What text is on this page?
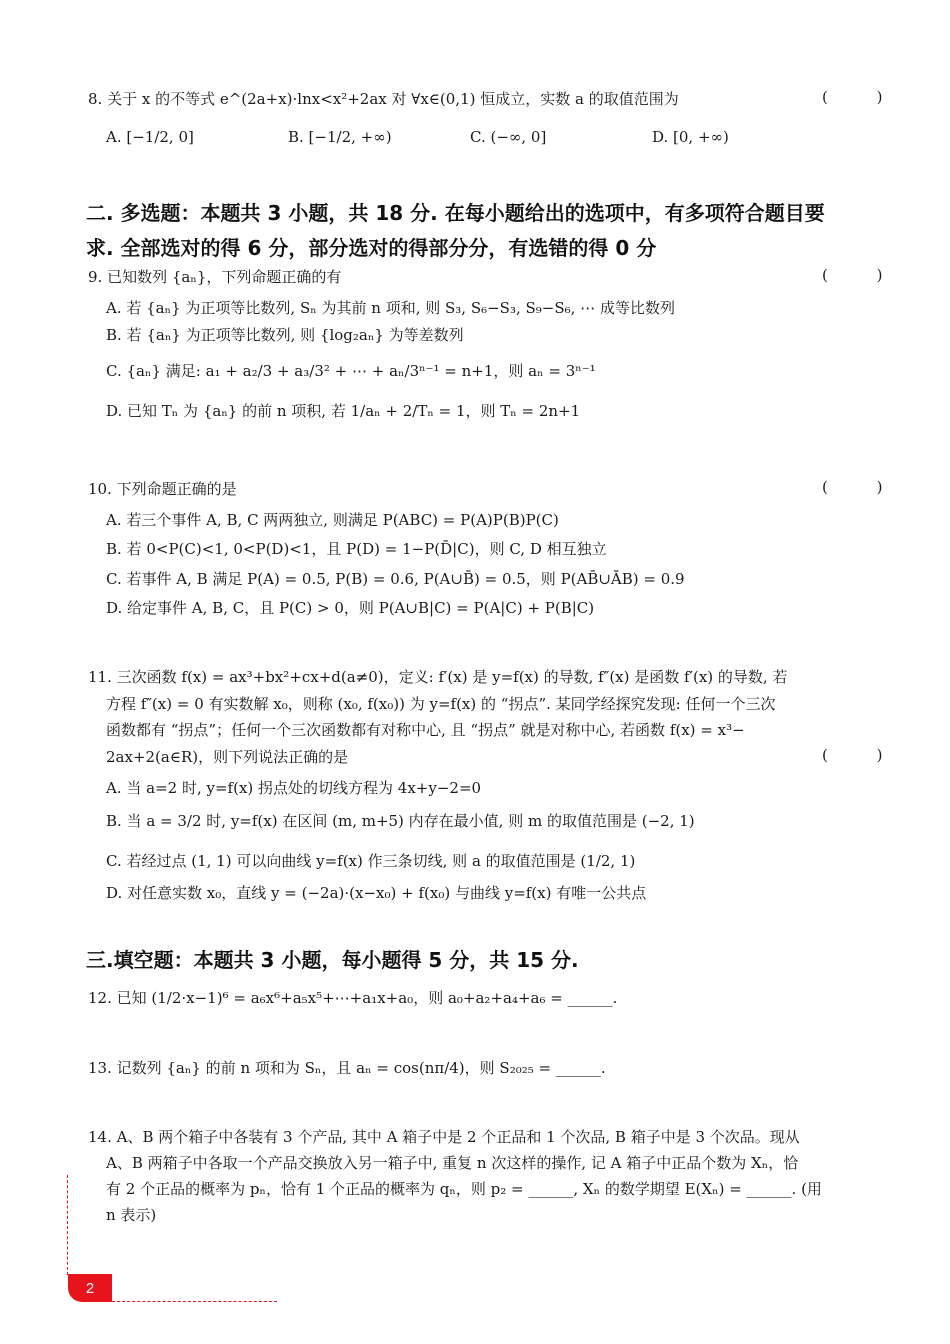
8. 关于 x 的不等式 e^(2a+x)·lnx<x²+2ax 对 ∀x∈(0,1) 恒成立，实数 a 的取值范围为	( )
A. [−1/2, 0]	B. [−1/2, +∞)	C. (−∞, 0]	D. [0, +∞)
二. 多选题：本题共 3 小题，共 18 分. 在每小题给出的选项中，有多项符合题目要
求. 全部选对的得 6 分，部分选对的得部分分，有选错的得 0 分
9. 已知数列 {aₙ}，下列命题正确的有	( )
A. 若 {aₙ} 为正项等比数列, Sₙ 为其前 n 项和, 则 S₃, S₆−S₃, S₉−S₆, ⋯ 成等比数列
B. 若 {aₙ} 为正项等比数列, 则 {log₂aₙ} 为等差数列
C. {aₙ} 满足: a₁ + a₂/3 + a₃/3² + ⋯ + aₙ/3ⁿ⁻¹ = n+1，则 aₙ = 3ⁿ⁻¹
D. 已知 Tₙ 为 {aₙ} 的前 n 项积, 若 1/aₙ + 2/Tₙ = 1，则 Tₙ = 2n+1
10. 下列命题正确的是	( )
A. 若三个事件 A, B, C 两两独立, 则满足 P(ABC) = P(A)P(B)P(C)
B. 若 0<P(C)<1, 0<P(D)<1，且 P(D) = 1−P(D̄|C)，则 C, D 相互独立
C. 若事件 A, B 满足 P(A) = 0.5, P(B) = 0.6, P(A∪B̄) = 0.5，则 P(AB̄∪ĀB) = 0.9
D. 给定事件 A, B, C，且 P(C) > 0，则 P(A∪B|C) = P(A|C) + P(B|C)
11. 三次函数 f(x) = ax³+bx²+cx+d(a≠0)，定义: f′(x) 是 y=f(x) 的导数, f″(x) 是函数 f′(x) 的导数, 若
方程 f″(x) = 0 有实数解 x₀，则称 (x₀, f(x₀)) 为 y=f(x) 的 “拐点”. 某同学经探究发现: 任何一个三次
函数都有 “拐点”；任何一个三次函数都有对称中心, 且 “拐点” 就是对称中心, 若函数 f(x) = x³−
2ax+2(a∈R)，则下列说法正确的是	( )
A. 当 a=2 时, y=f(x) 拐点处的切线方程为 4x+y−2=0
B. 当 a = 3/2 时, y=f(x) 在区间 (m, m+5) 内存在最小值, 则 m 的取值范围是 (−2, 1)
C. 若经过点 (1, 1) 可以向曲线 y=f(x) 作三条切线, 则 a 的取值范围是 (1/2, 1)
D. 对任意实数 x₀，直线 y = (−2a)·(x−x₀) + f(x₀) 与曲线 y=f(x) 有唯一公共点
三.填空题：本题共 3 小题，每小题得 5 分，共 15 分.
12. 已知 (1/2·x−1)⁶ = a₆x⁶+a₅x⁵+⋯+a₁x+a₀，则 a₀+a₂+a₄+a₆ = ______.
13. 记数列 {aₙ} 的前 n 项和为 Sₙ，且 aₙ = cos(nπ/4)，则 S₂₀₂₅ = ______.
14. A、B 两个箱子中各装有 3 个产品, 其中 A 箱子中是 2 个正品和 1 个次品, B 箱子中是 3 个次品。现从
A、B 两箱子中各取一个产品交换放入另一箱子中, 重复 n 次这样的操作, 记 A 箱子中正品个数为 Xₙ，恰
有 2 个正品的概率为 pₙ，恰有 1 个正品的概率为 qₙ，则 p₂ = ______, Xₙ 的数学期望 E(Xₙ) = ______. (用
n 表示)
2
